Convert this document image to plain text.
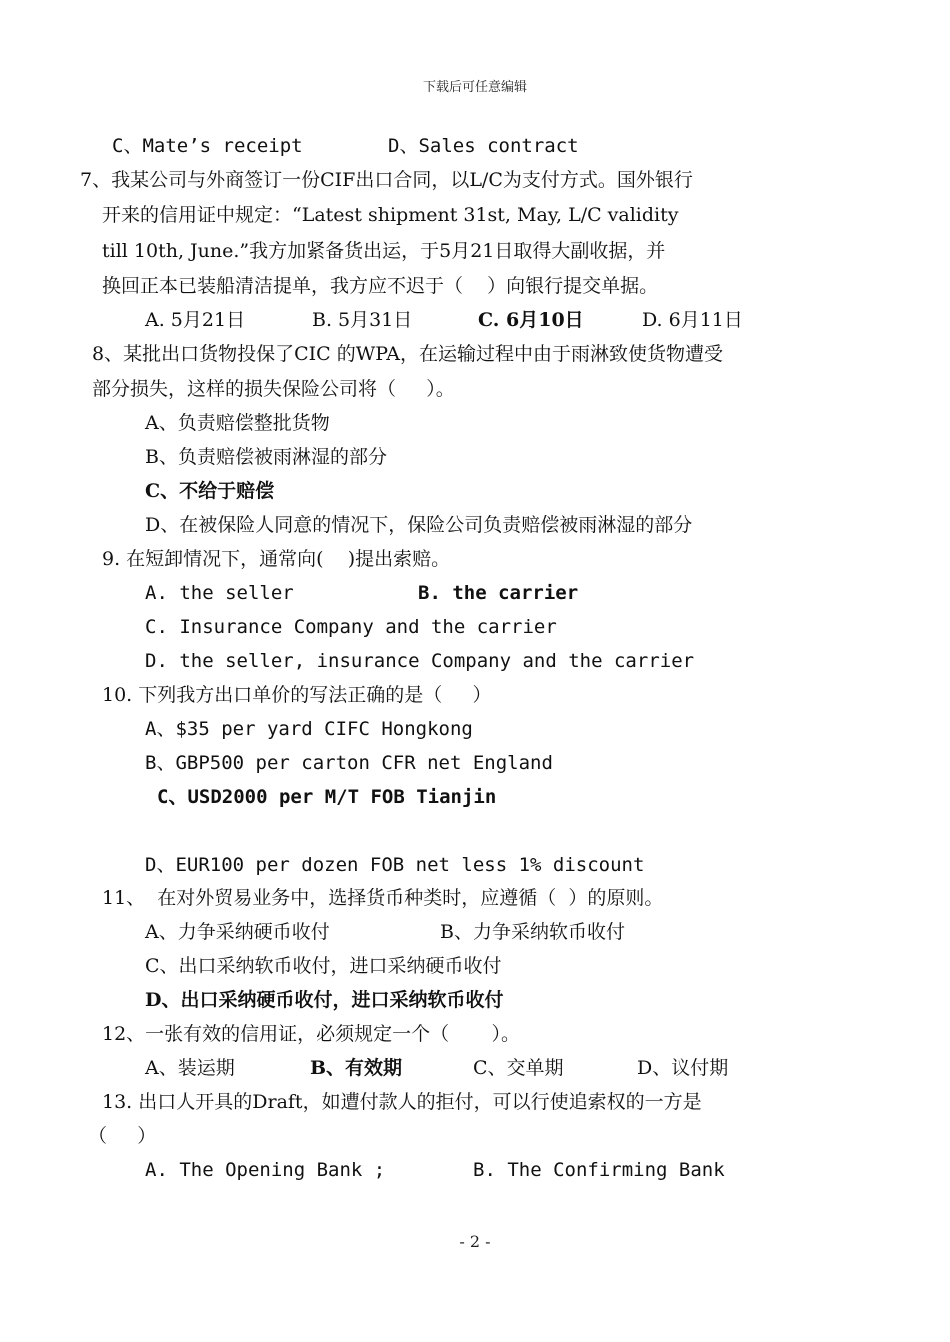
下载后可任意编辑
C、Mate’s receipt	D、Sales contract
7、我某公司与外商签订一份CIF出口合同，以L/C为支付方式。国外银行
开来的信用证中规定：“Latest shipment 31st, May, L/C validity
till 10th, June.”我方加紧备货出运，于5月21日取得大副收据，并
换回正本已装船清洁提单，我方应不迟于（    ）向银行提交单据。
A. 5月21日	B. 5月31日	C. 6月10日	D. 6月11日
8、某批出口货物投保了CIC 的WPA，在运输过程中由于雨淋致使货物遭受
部分损失，这样的损失保险公司将（     ）。
A、负责赔偿整批货物
B、负责赔偿被雨淋湿的部分
C、不给于赔偿
D、在被保险人同意的情况下，保险公司负责赔偿被雨淋湿的部分
9. 在短卸情况下，通常向(    )提出索赔。
A. the seller	B. the carrier
C. Insurance Company and the carrier
D. the seller, insurance Company and the carrier
10. 下列我方出口单价的写法正确的是（     ）
A、$35 per yard CIFC Hongkong
B、GBP500 per carton CFR net England
C、USD2000 per M/T FOB Tianjin
D、EUR100 per dozen FOB net less 1% discount
11、  在对外贸易业务中，选择货币种类时，应遵循（  ）的原则。
A、力争采纳硬币收付	B、力争采纳软币收付
C、出口采纳软币收付，进口采纳硬币收付
D、出口采纳硬币收付，进口采纳软币收付
12、一张有效的信用证，必须规定一个（       ）。
A、装运期	B、有效期	C、交单期	D、议付期
13. 出口人开具的Draft，如遭付款人的拒付，可以行使追索权的一方是
（     ）
A. The Opening Bank ;	B. The Confirming Bank
- 2 -
